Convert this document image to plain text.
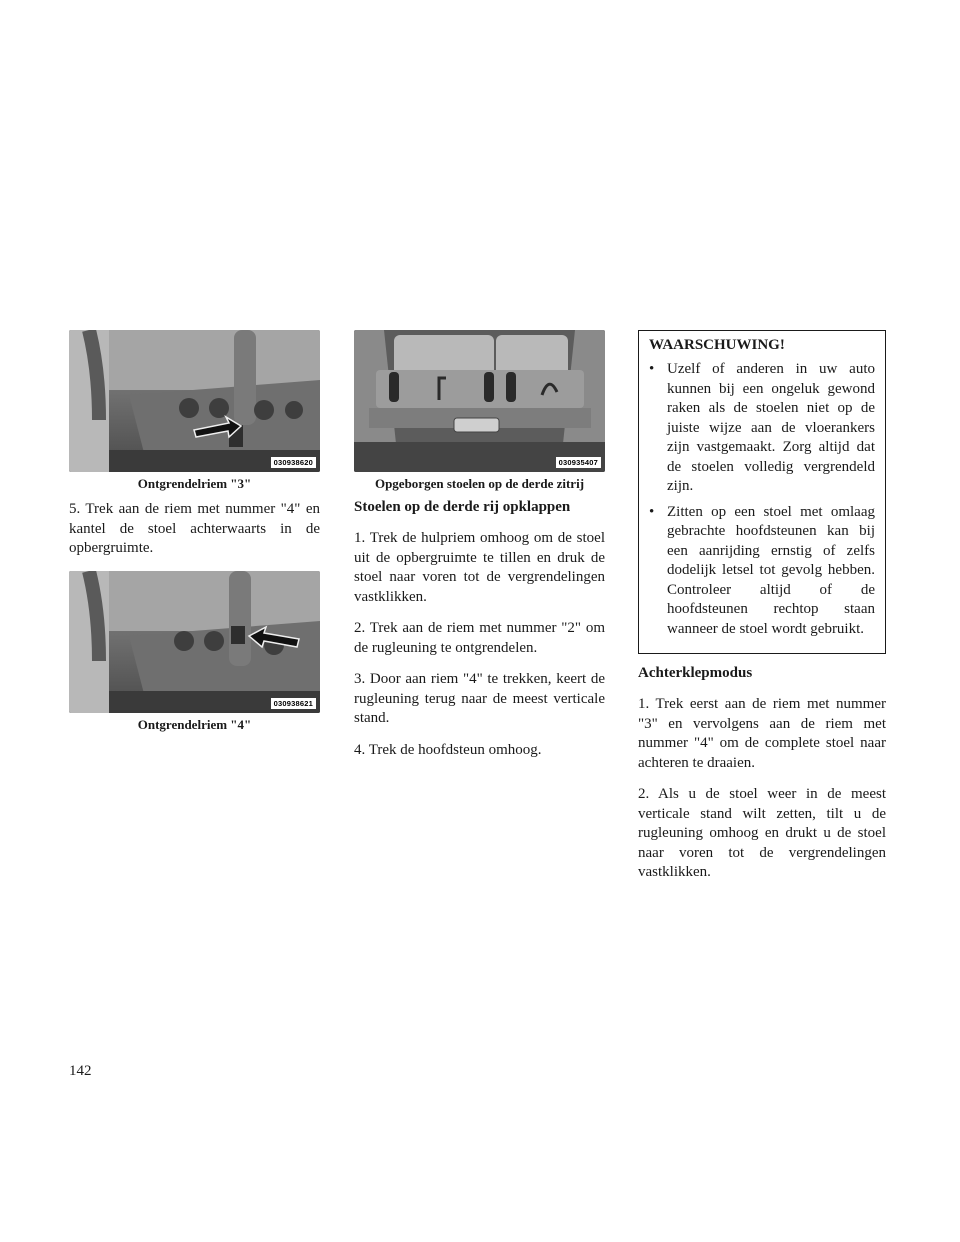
030938620
Ontgrendelriem "3"

5. Trek aan de riem met nummer "4" en kantel de stoel achterwaarts in de opbergruimte.

030938621
Ontgrendelriem "4"
030935407
Opgeborgen stoelen op de derde zitrij
Stoelen op de derde rij opklappen

1. Trek de hulpriem omhoog om de stoel uit de opbergruimte te tillen en druk de stoel naar voren tot de vergrendelingen vastklikken.

2. Trek aan de riem met nummer "2" om de rugleuning te ontgrendelen.

3. Door aan riem "4" te trekken, keert de rugleuning terug naar de meest verticale stand.

4. Trek de hoofdsteun omhoog.

WAARSCHUWING!
• Uzelf of anderen in uw auto kunnen bij een ongeluk gewond raken als de stoelen niet op de juiste wijze aan de vloerankers zijn vastgemaakt. Zorg altijd dat de stoelen volledig vergrendeld zijn.
• Zitten op een stoel met omlaag gebrachte hoofdsteunen kan bij een aanrijding ernstig of zelfs dodelijk letsel tot gevolg hebben. Controleer altijd of de hoofdsteunen rechtop staan wanneer de stoel wordt gebruikt.
Achterklepmodus

1. Trek eerst aan de riem met nummer "3" en vervolgens aan de riem met nummer "4" om de complete stoel naar achteren te draaien.

2. Als u de stoel weer in de meest verticale stand wilt zetten, tilt u de rugleuning omhoog en drukt u de stoel naar voren tot de vergrendelingen vastklikken.

142
